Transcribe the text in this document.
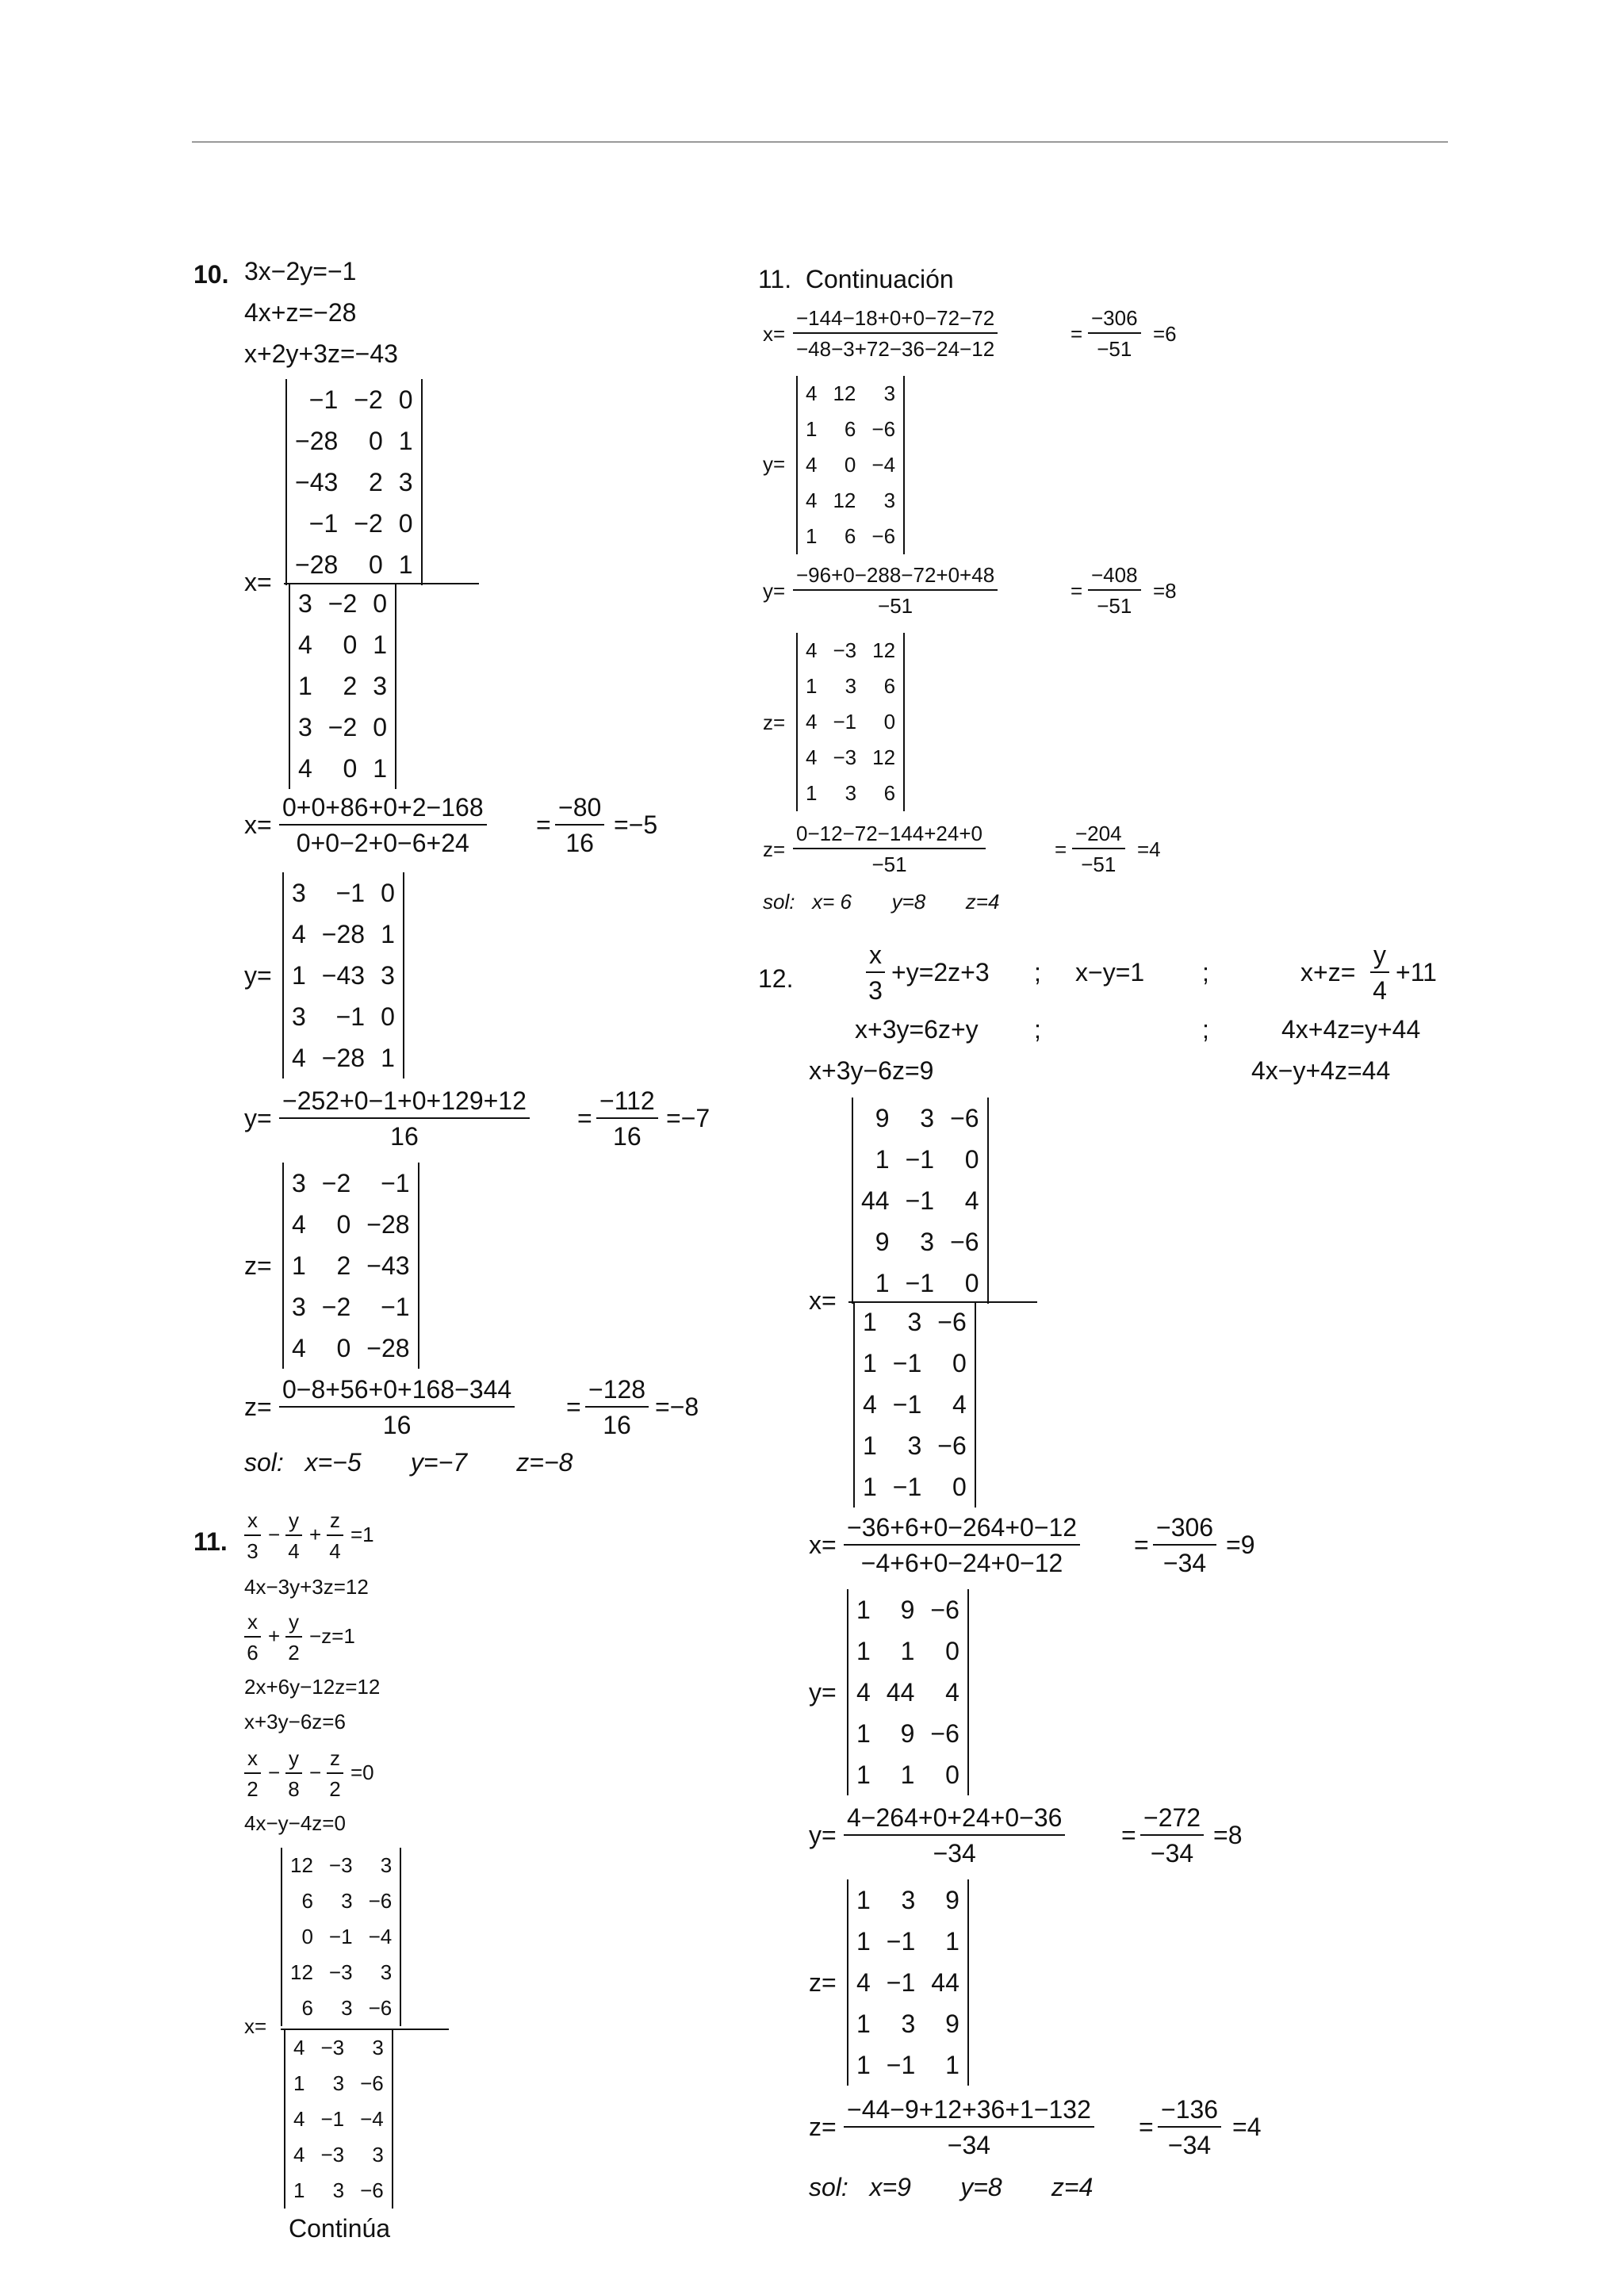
10. 3x−2y=−1
4x+z=−28
x+2y+3z=−43
x=
−1	−2	0
−28	0	1
−43	2	3
−1	−2	0
−28	0	1
3	−2	0
4	0	1
1	2	3
3	−2	0
4	0	1
$x= \frac{0+0+86+0+2-168}{0+0-2+0-6+24} = \frac{-80}{16} =-5$
y=
3	−1	0
4	−28	1
1	−43	3
3	−1	0
4	−28	1
$y= \frac{-252+0-1+0+129+12}{16} = \frac{-112}{16} =-7$
z=
3	−2	−1
4	0	−28
1	2	−43
3	−2	−1
4	0	−28
$z= \frac{0-8+56+0+168-344}{16} = \frac{-128}{16} =-8$
sol:   x=−5       y=−7       z=−8
11. $\frac{x}{3} - \frac{y}{4} + \frac{z}{4} =1$
4x−3y+3z=12
$\frac{x}{6} + \frac{y}{2} -z=1$
2x+6y−12z=12
x+3y−6z=6
$\frac{x}{2} - \frac{y}{8} - \frac{z}{2} =0$
4x−y−4z=0
x=
12	−3	3
6	3	−6
0	−1	−4
12	−3	3
6	3	−6
4	−3	3
1	3	−6
4	−1	−4
4	−3	3
1	3	−6
Continúa
11.  Continuación
$x= \frac{-144-18+0+0-72-72}{-48-3+72-36-24-12}$	= $\frac{-306}{-51} =6$
y=
4	12	3
1	6	−6
4	0	−4
4	12	3
1	6	−6
$y= \frac{-96+0-288-72+0+48}{-51}$	= $\frac{-408}{-51} =8$
z=
4	−3	12
1	3	6
4	−1	0
4	−3	12
1	3	6
$z= \frac{0-12-72-144+24+0}{-51}$	= $\frac{-204}{-51} =4$
sol:   x= 6       y=8       z=4
12.	$\frac{x}{3} +y=2z+3$ ; x−y=1 ;	$x+z= \frac{y}{4} +11$
x+3y=6z+y ;	;	4x+4z=y+44
x+3y−6z=9	4x−y+4z=44
x=
9	3	−6
1	−1	0
44	−1	4
9	3	−6
1	−1	0
1	3	−6
1	−1	0
4	−1	4
1	3	−6
1	−1	0
$x= \frac{-36+6+0-264+0-12}{-4+6+0-24+0-12} = \frac{-306}{-34} =9$
y=
1	9	−6
1	1	0
4	44	4
1	9	−6
1	1	0
$y= \frac{4-264+0+24+0-36}{-34} = \frac{-272}{-34} =8$
z=
1	3	9
1	−1	1
4	−1	44
1	3	9
1	−1	1
$z= \frac{-44-9+12+36+1-132}{-34} = \frac{-136}{-34} =4$
sol:   x=9       y=8       z=4
